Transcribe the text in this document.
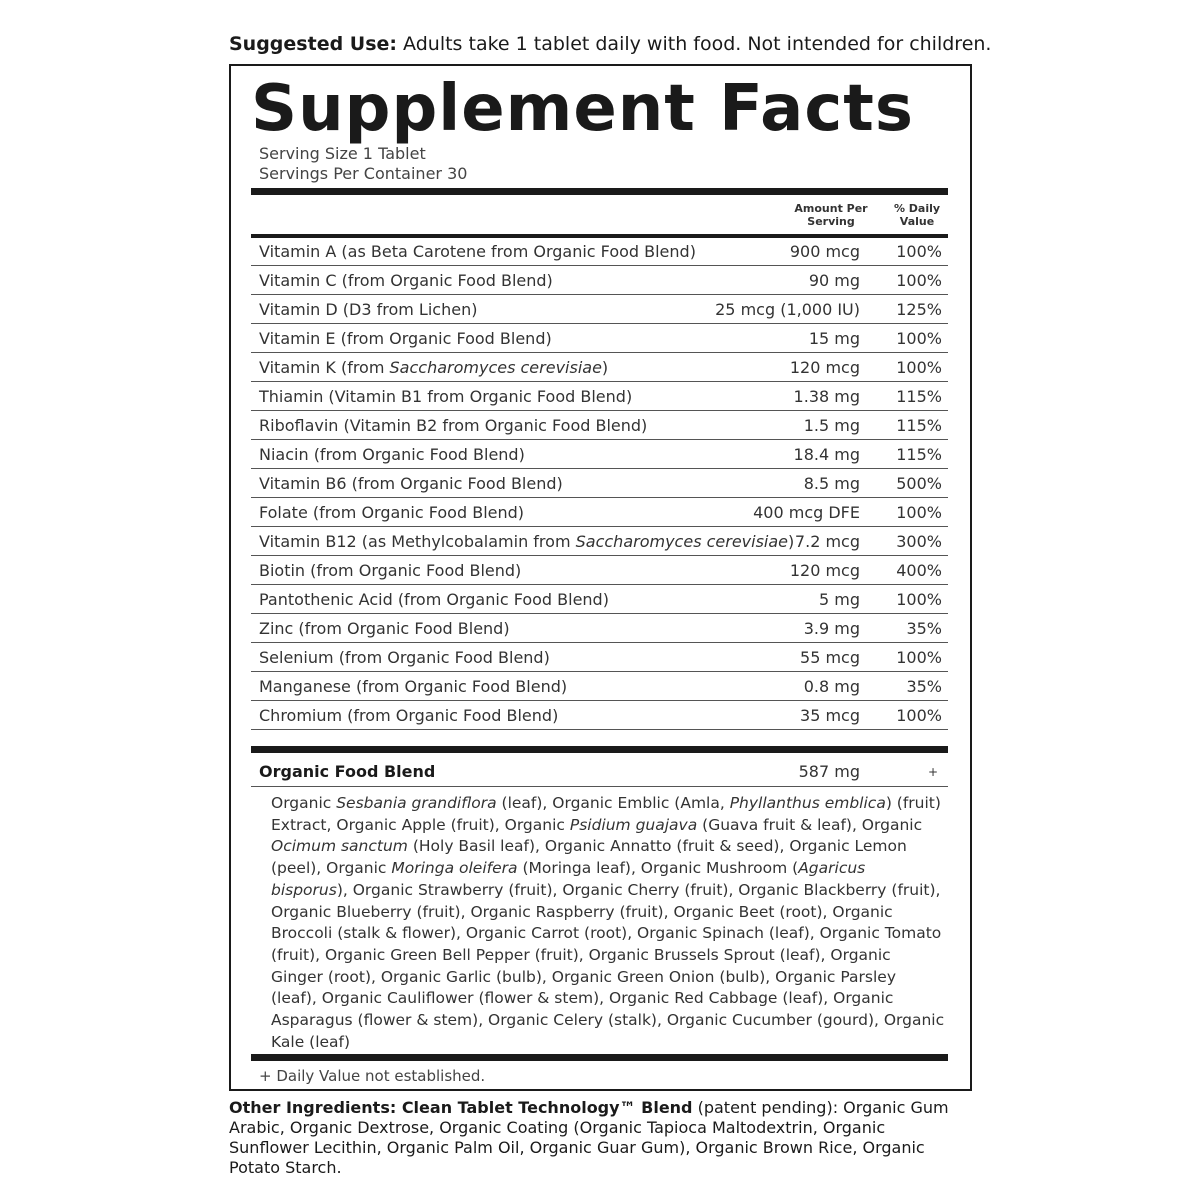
Suggested Use: Adults take 1 tablet daily with food. Not intended for children.
Supplement Facts
Serving Size 1 Tablet
Servings Per Container 30
Amount Per Serving
% Daily Value
Vitamin A (as Beta Carotene from Organic Food Blend)	900 mcg 100%
Vitamin C (from Organic Food Blend)	90 mg 100%
Vitamin D (D3 from Lichen)	25 mcg (1,000 IU) 125%
Vitamin E (from Organic Food Blend)	15 mg 100%
Vitamin K (from Saccharomyces cerevisiae)	120 mcg 100%
Thiamin (Vitamin B1 from Organic Food Blend)	1.38 mg 115%
Riboflavin (Vitamin B2 from Organic Food Blend)	1.5 mg 115%
Niacin (from Organic Food Blend)	18.4 mg 115%
Vitamin B6 (from Organic Food Blend)	8.5 mg 500%
Folate (from Organic Food Blend)	400 mcg DFE 100%
Vitamin B12 (as Methylcobalamin from Saccharomyces cerevisiae) 7.2 mcg 300%
Biotin (from Organic Food Blend)	120 mcg 400%
Pantothenic Acid (from Organic Food Blend)	5 mg 100%
Zinc (from Organic Food Blend)	3.9 mg	35%
Selenium (from Organic Food Blend)	55 mcg 100%
Manganese (from Organic Food Blend)	0.8 mg	35%
Chromium (from Organic Food Blend)	35 mcg 100%
Organic Food Blend	587 mg	+
Organic Sesbania grandiflora (leaf), Organic Emblic (Amla, Phyllanthus emblica) (fruit) Extract, Organic Apple (fruit), Organic Psidium guajava (Guava fruit & leaf), Organic Ocimum sanctum (Holy Basil leaf), Organic Annatto (fruit & seed), Organic Lemon (peel), Organic Moringa oleifera (Moringa leaf), Organic Mushroom (Agaricus bisporus), Organic Strawberry (fruit), Organic Cherry (fruit), Organic Blackberry (fruit), Organic Blueberry (fruit), Organic Raspberry (fruit), Organic Beet (root), Organic Broccoli (stalk & flower), Organic Carrot (root), Organic Spinach (leaf), Organic Tomato (fruit), Organic Green Bell Pepper (fruit), Organic Brussels Sprout (leaf), Organic Ginger (root), Organic Garlic (bulb), Organic Green Onion (bulb), Organic Parsley (leaf), Organic Cauliflower (flower & stem), Organic Red Cabbage (leaf), Organic Asparagus (flower & stem), Organic Celery (stalk), Organic Cucumber (gourd), Organic Kale (leaf)
+ Daily Value not established.
Other Ingredients: Clean Tablet Technology™ Blend (patent pending): Organic Gum Arabic, Organic Dextrose, Organic Coating (Organic Tapioca Maltodextrin, Organic Sunflower Lecithin, Organic Palm Oil, Organic Guar Gum), Organic Brown Rice, Organic Potato Starch.
